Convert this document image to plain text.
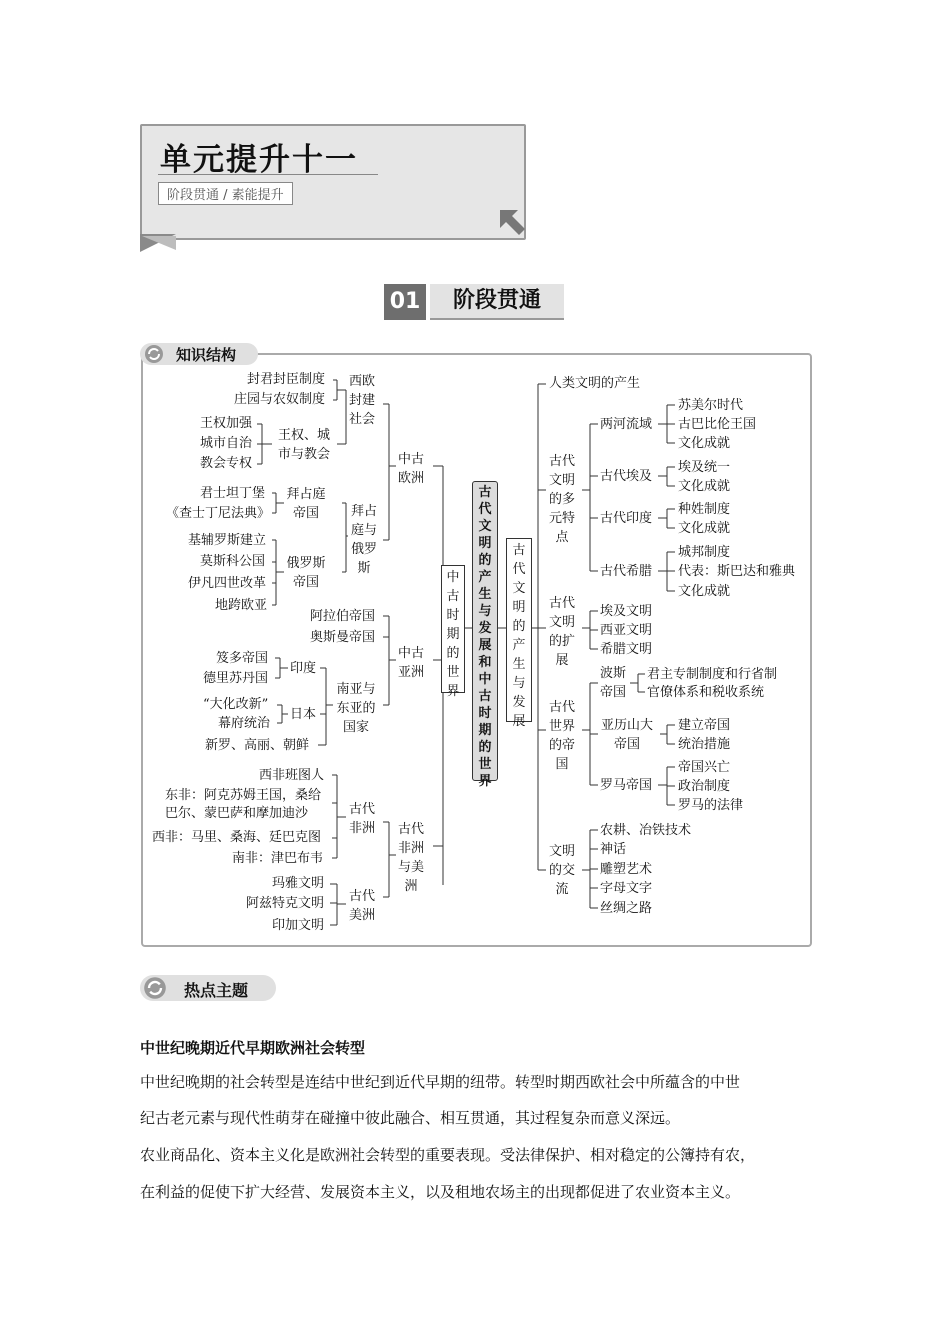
单元提升十一
阶段贯通 / 素能提升
01	阶段贯通
知识结构
古代文明的产生与发展和中古时期的世界
中古时期的世界
古代文明的产生与发展
中古欧洲
西欧封建社会
封君封臣制度
庄园与农奴制度
王权、城市与教会
王权加强
城市自治
教会专权
拜占庭帝国
君士坦丁堡
《查士丁尼法典》
俄罗斯帝国
基辅罗斯建立
莫斯科公国
伊凡四世改革
地跨欧亚
拜占庭与俄罗斯
中古亚洲
阿拉伯帝国
奥斯曼帝国
南亚与东亚的国家
印度
笈多帝国
德里苏丹国
日本
“大化改新”
幕府统治
新罗、高丽、朝鲜
古代非洲与美洲
古代非洲
西非班图人
东非：阿克苏姆王国，桑给
巴尔、蒙巴萨和摩加迪沙
西非：马里、桑海、廷巴克图
南非：津巴布韦
古代美洲
玛雅文明
阿兹特克文明
印加文明
人类文明的产生
古代文明的多元特点
两河流域
苏美尔时代
古巴比伦王国
文化成就
古代埃及
埃及统一
文化成就
古代印度
种姓制度
文化成就
古代希腊
城邦制度
代表：斯巴达和雅典
文化成就
古代文明的扩展
埃及文明
西亚文明
希腊文明
古代世界的帝国
波斯帝国
君主专制制度和行省制
官僚体系和税收系统
亚历山大帝国
建立帝国
统治措施
罗马帝国
帝国兴亡
政治制度
罗马的法律
文明的交流
农耕、冶铁技术
神话
雕塑艺术
字母文字
丝绸之路
热点主题
中世纪晚期近代早期欧洲社会转型
中世纪晚期的社会转型是连结中世纪到近代早期的纽带。转型时期西欧社会中所蕴含的中世
纪古老元素与现代性萌芽在碰撞中彼此融合、相互贯通，其过程复杂而意义深远。
农业商品化、资本主义化是欧洲社会转型的重要表现。受法律保护、相对稳定的公簿持有农，
在利益的促使下扩大经营、发展资本主义，以及租地农场主的出现都促进了农业资本主义。
